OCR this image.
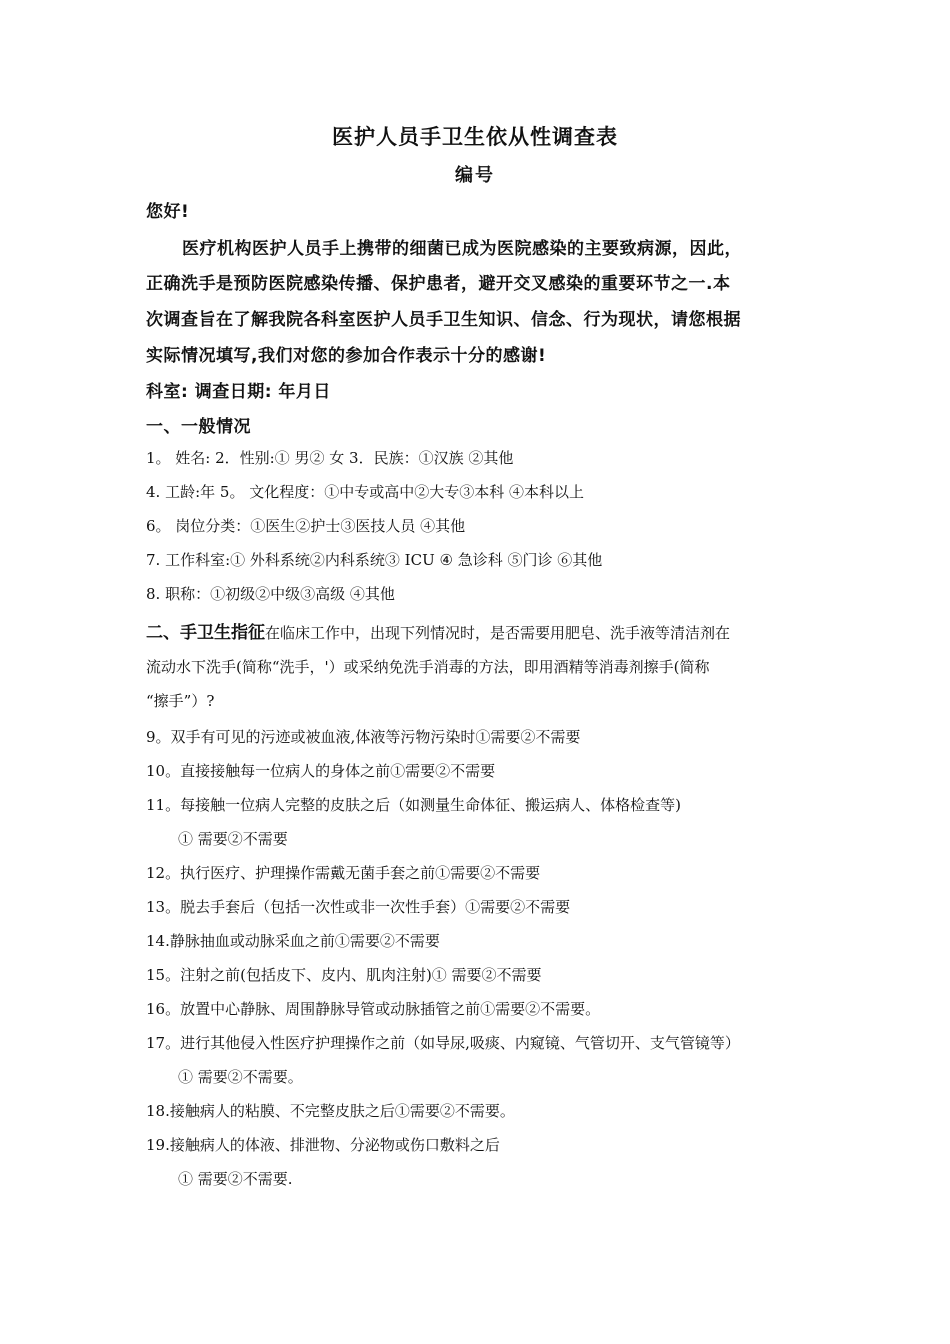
医护人员手卫生依从性调查表
编号
您好!
医疗机构医护人员手上携带的细菌已成为医院感染的主要致病源，因此，
正确洗手是预防医院感染传播、保护患者，避开交叉感染的重要环节之一.本
次调查旨在了解我院各科室医护人员手卫生知识、信念、行为现状，请您根据
实际情况填写,我们对您的参加合作表示十分的感谢!
科室: 调查日期: 年月日
一、一般情况
1。 姓名: 2．性别:① 男② 女 3．民族：①汉族 ②其他
4. 工龄:年 5。 文化程度：①中专或高中②大专③本科 ④本科以上
6。 岗位分类：①医生②护士③医技人员 ④其他
7. 工作科室:① 外科系统②内科系统③ ICU ④ 急诊科 ⑤门诊 ⑥其他
8. 职称：①初级②中级③高级 ④其他
二、手卫生指征在临床工作中，出现下列情况时，是否需要用肥皂、洗手液等清洁剂在
流动水下洗手(简称“洗手，'）或采纳免洗手消毒的方法，即用酒精等消毒剂擦手(简称
“擦手”）?
9。双手有可见的污迹或被血液,体液等污物污染时①需要②不需要
10。直接接触每一位病人的身体之前①需要②不需要
11。每接触一位病人完整的皮肤之后（如测量生命体征、搬运病人、体格检查等)
① 需要②不需要
12。执行医疗、护理操作需戴无菌手套之前①需要②不需要
13。脱去手套后（包括一次性或非一次性手套）①需要②不需要
14.静脉抽血或动脉采血之前①需要②不需要
15。注射之前(包括皮下、皮内、肌肉注射)① 需要②不需要
16。放置中心静脉、周围静脉导管或动脉插管之前①需要②不需要。
17。进行其他侵入性医疗护理操作之前（如导尿,吸痰、内窥镜、气管切开、支气管镜等）
① 需要②不需要。
18.接触病人的粘膜、不完整皮肤之后①需要②不需要。
19.接触病人的体液、排泄物、分泌物或伤口敷料之后
① 需要②不需要.
